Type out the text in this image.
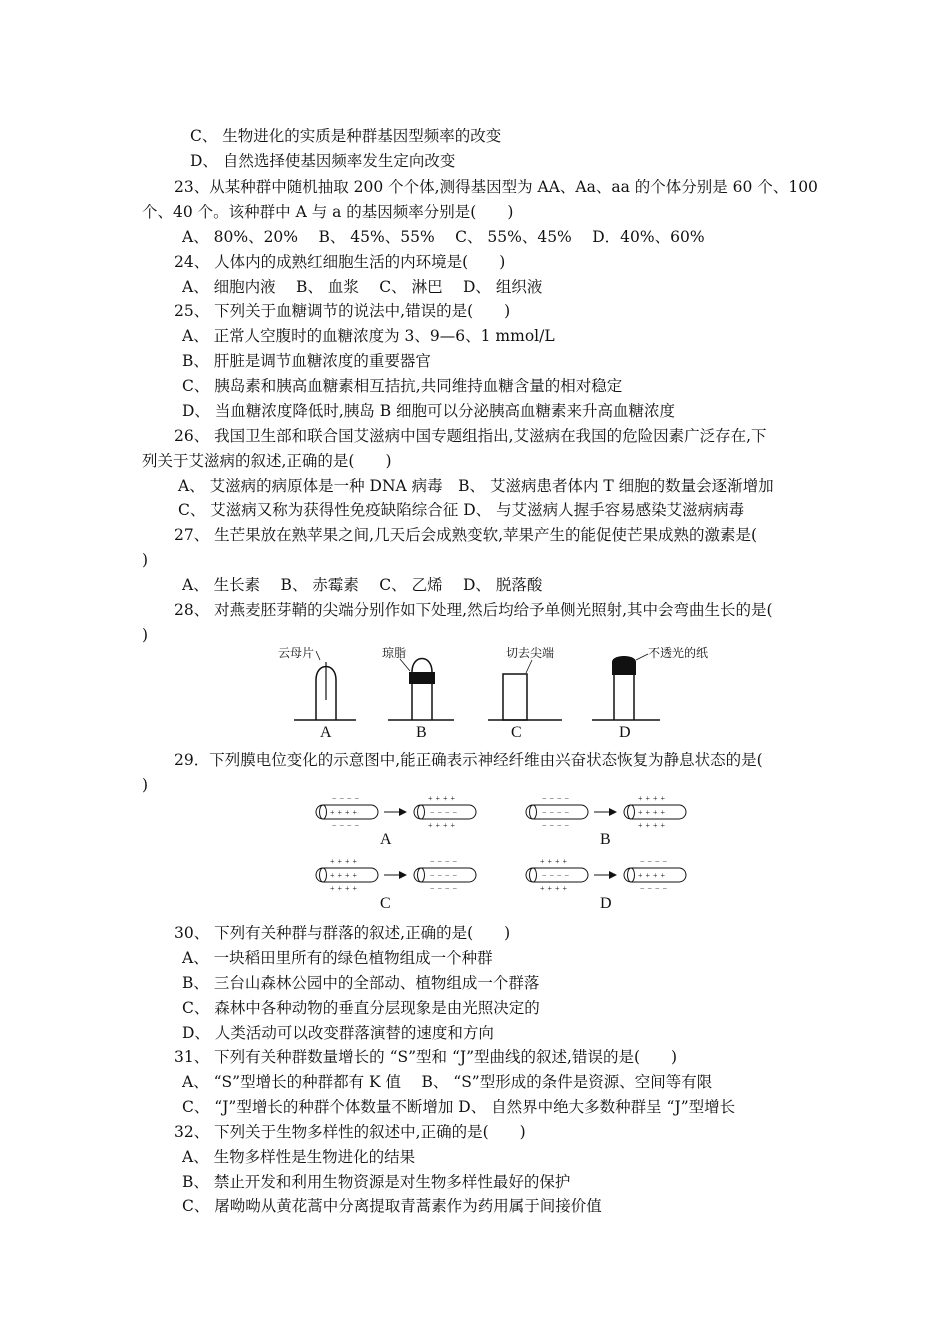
C、 生物进化的实质是种群基因型频率的改变
D、 自然选择使基因频率发生定向改变
23、从某种群中随机抽取 200 个个体,测得基因型为 AA、Aa、aa 的个体分别是 60 个、100
个、40 个。该种群中 A 与 a 的基因频率分别是(　　)
A、 80%、20%　 B、 45%、55%　 C、 55%、45%　 D．40%、60%
24、 人体内的成熟红细胞生活的内环境是(　　)
A、 细胞内液　 B、 血浆　 C、 淋巴　 D、 组织液
25、 下列关于血糖调节的说法中,错误的是(　　)
A、 正常人空腹时的血糖浓度为 3、9—6、1 mmol/L
B、 肝脏是调节血糖浓度的重要器官
C、 胰岛素和胰高血糖素相互拮抗,共同维持血糖含量的相对稳定
D、 当血糖浓度降低时,胰岛 B 细胞可以分泌胰高血糖素来升高血糖浓度
26、 我国卫生部和联合国艾滋病中国专题组指出,艾滋病在我国的危险因素广泛存在,下
列关于艾滋病的叙述,正确的是(　　)
A、 艾滋病的病原体是一种 DNA 病毒　B、 艾滋病患者体内 T 细胞的数量会逐渐增加
C、 艾滋病又称为获得性免疫缺陷综合征 D、 与艾滋病人握手容易感染艾滋病病毒
27、 生芒果放在熟苹果之间,几天后会成熟变软,苹果产生的能促使芒果成熟的激素是(
)
A、 生长素　 B、 赤霉素　 C、 乙烯　 D、 脱落酸
28、 对燕麦胚芽鞘的尖端分别作如下处理,然后均给予单侧光照射,其中会弯曲生长的是(
)
云母片
A
琼脂
B
切去尖端
C
不透光的纸
D
29．下列膜电位变化的示意图中,能正确表示神经纤维由兴奋状态恢复为静息状态的是(
)
− − − −
+ + + +
− − − −
+ + + +
− − − −
+ + + +
A
− − − −
− − − −
− − − −
+ + + +
+ + + +
+ + + +
B
+ + + +
+ + + +
+ + + +
− − − −
− − − −
− − − −
C
+ + + +
− − − −
+ + + +
− − − −
+ + + +
− − − −
D
30、 下列有关种群与群落的叙述,正确的是(　　)
A、 一块稻田里所有的绿色植物组成一个种群
B、 三台山森林公园中的全部动、植物组成一个群落
C、 森林中各种动物的垂直分层现象是由光照决定的
D、 人类活动可以改变群落演替的速度和方向
31、 下列有关种群数量增长的 “S”型和 “J”型曲线的叙述,错误的是(　　)
A、 “S”型增长的种群都有 K 值　 B、 “S”型形成的条件是资源、空间等有限
C、 “J”型增长的种群个体数量不断增加 D、 自然界中绝大多数种群呈 “J”型增长
32、 下列关于生物多样性的叙述中,正确的是(　　)
A、 生物多样性是生物进化的结果
B、 禁止开发和利用生物资源是对生物多样性最好的保护
C、 屠呦呦从黄花蒿中分离提取青蒿素作为药用属于间接价值
